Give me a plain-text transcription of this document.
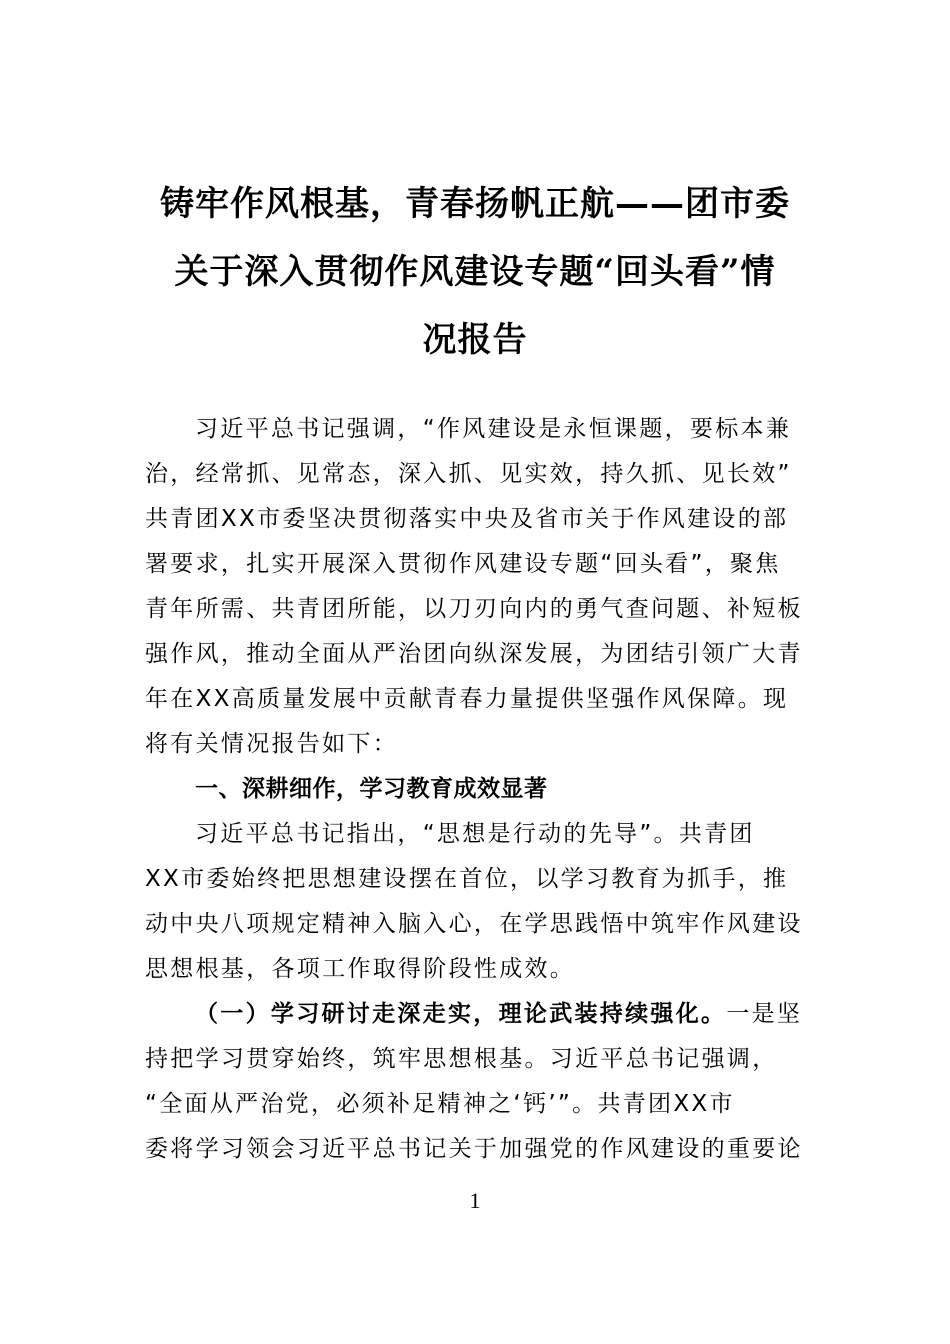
铸牢作风根基，青春扬帆正航——团市委
关于深入贯彻作风建设专题“回头看”情
况报告
习近平总书记强调，“作风建设是永恒课题，要标本兼
治，经常抓、见常态，深入抓、见实效，持久抓、见长效”
共青团XX市委坚决贯彻落实中央及省市关于作风建设的部
署要求，扎实开展深入贯彻作风建设专题“回头看”，聚焦
青年所需、共青团所能，以刀刃向内的勇气查问题、补短板
强作风，推动全面从严治团向纵深发展，为团结引领广大青
年在XX高质量发展中贡献青春力量提供坚强作风保障。现
将有关情况报告如下：
一、深耕细作，学习教育成效显著
习近平总书记指出，“思想是行动的先导”。共青团
XX市委始终把思想建设摆在首位，以学习教育为抓手，推
动中央八项规定精神入脑入心，在学思践悟中筑牢作风建设
思想根基，各项工作取得阶段性成效。
（一）学习研讨走深走实，理论武装持续强化。一是坚
持把学习贯穿始终，筑牢思想根基。习近平总书记强调，
“全面从严治党，必须补足精神之‘钙’”。共青团XX市
委将学习领会习近平总书记关于加强党的作风建设的重要论
1
